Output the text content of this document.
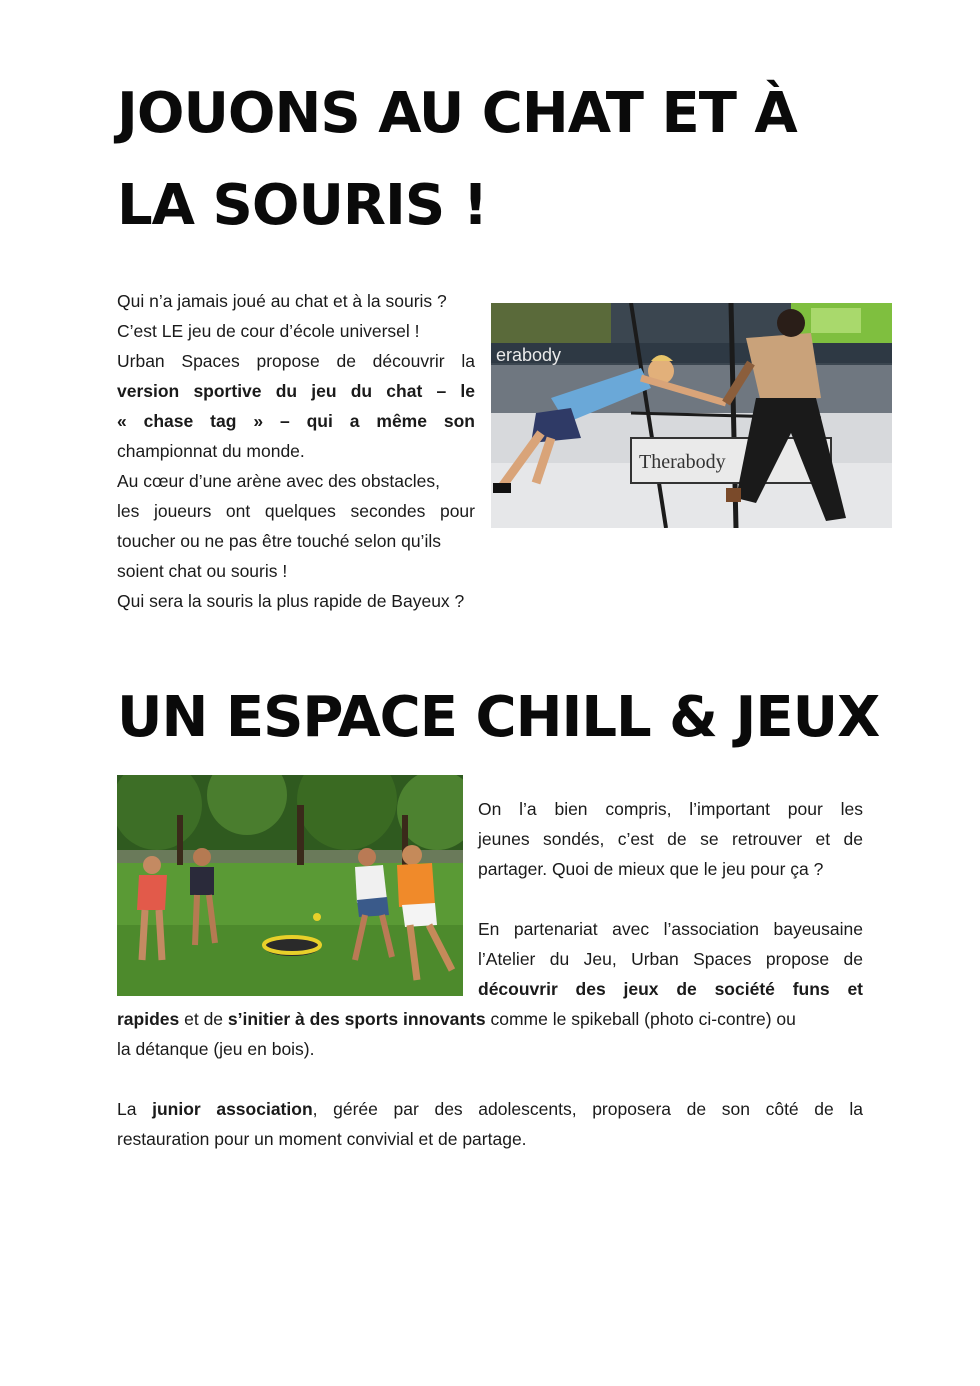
JOUONS AU CHAT ET À
LA SOURIS !

Qui n’a jamais joué au chat et à la souris ?

C’est LE jeu de cour d’école universel !

Urban Spaces propose de découvrir la

version sportive du jeu du chat – le

« chase tag » – qui a même son

championnat du monde.

Au cœur d’une arène avec des obstacles,

les joueurs ont quelques secondes pour

toucher ou ne pas être touché selon qu’ils

soient chat ou souris !

Qui sera la souris la plus rapide de Bayeux ?

erabody
Therabody
UN ESPACE CHILL & JEUX

On l’a bien compris, l’important pour les

jeunes sondés, c’est de se retrouver et de

partager. Quoi de mieux que le jeu pour ça ?

En partenariat avec l’association bayeusaine

l’Atelier du Jeu, Urban Spaces propose de

découvrir des jeux de société funs et

rapides et de s’initier à des sports innovants comme le spikeball (photo ci-contre) ou

la détanque (jeu en bois).

La junior association, gérée par des adolescents, proposera de son côté de la

restauration pour un moment convivial et de partage.
